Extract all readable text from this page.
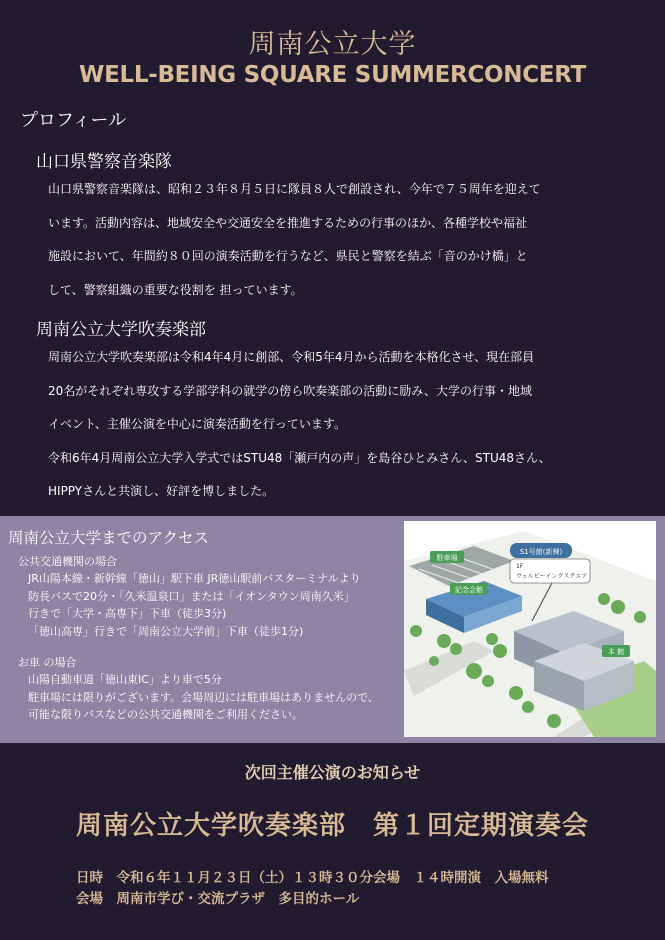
周南公立大学
WELL-BEING SQUARE SUMMERCONCERT
プロフィール
山口県警察音楽隊
山口県警察音楽隊は、昭和２３年８月５日に隊員８人で創設され、今年で７５周年を迎えて
います。活動内容は、地域安全や交通安全を推進するための行事のほか、各種学校や福祉
施設において、年間約８０回の演奏活動を行うなど、県民と警察を結ぶ「音のかけ橋」と
して、警察組織の重要な役割を 担っています。
周南公立大学吹奏楽部
周南公立大学吹奏楽部は令和4年4月に創部、令和5年4月から活動を本格化させ、現在部員
20名がそれぞれ専攻する学部学科の就学の傍ら吹奏楽部の活動に励み、大学の行事・地域
イベント、主催公演を中心に演奏活動を行っています。
令和6年4月周南公立大学入学式ではSTU48「瀬戸内の声」を島谷ひとみさん、STU48さん、
HIPPYさんと共演し、好評を博しました。
周南公立大学までのアクセス
公共交通機関の場合
JR山陽本線・新幹線「徳山」駅下車 JR徳山駅前バスターミナルより
防長バスで20分・「久米温泉口」または「イオンタウン周南久米」
行きで「大学・高専下」下車（徒歩3分)
「徳山高専」行きで「周南公立大学前」下車（徒歩1分)
お車 の場合
山陽自動車道「徳山東IC」より車で5分
駐車場には限りがございます。会場周辺には駐車場はありませんので、
可能な限りバスなどの公共交通機関をご利用ください。
S1号館(新棟)
1F
ウェルビーイングスクエア
駐車場
記念会館
本 館
次回主催公演のお知らせ
周南公立大学吹奏楽部　第１回定期演奏会
日時　令和６年１１月２３日（土）１３時３０分会場　１４時開演　入場無料
会場　周南市学び・交流プラザ　多目的ホール
